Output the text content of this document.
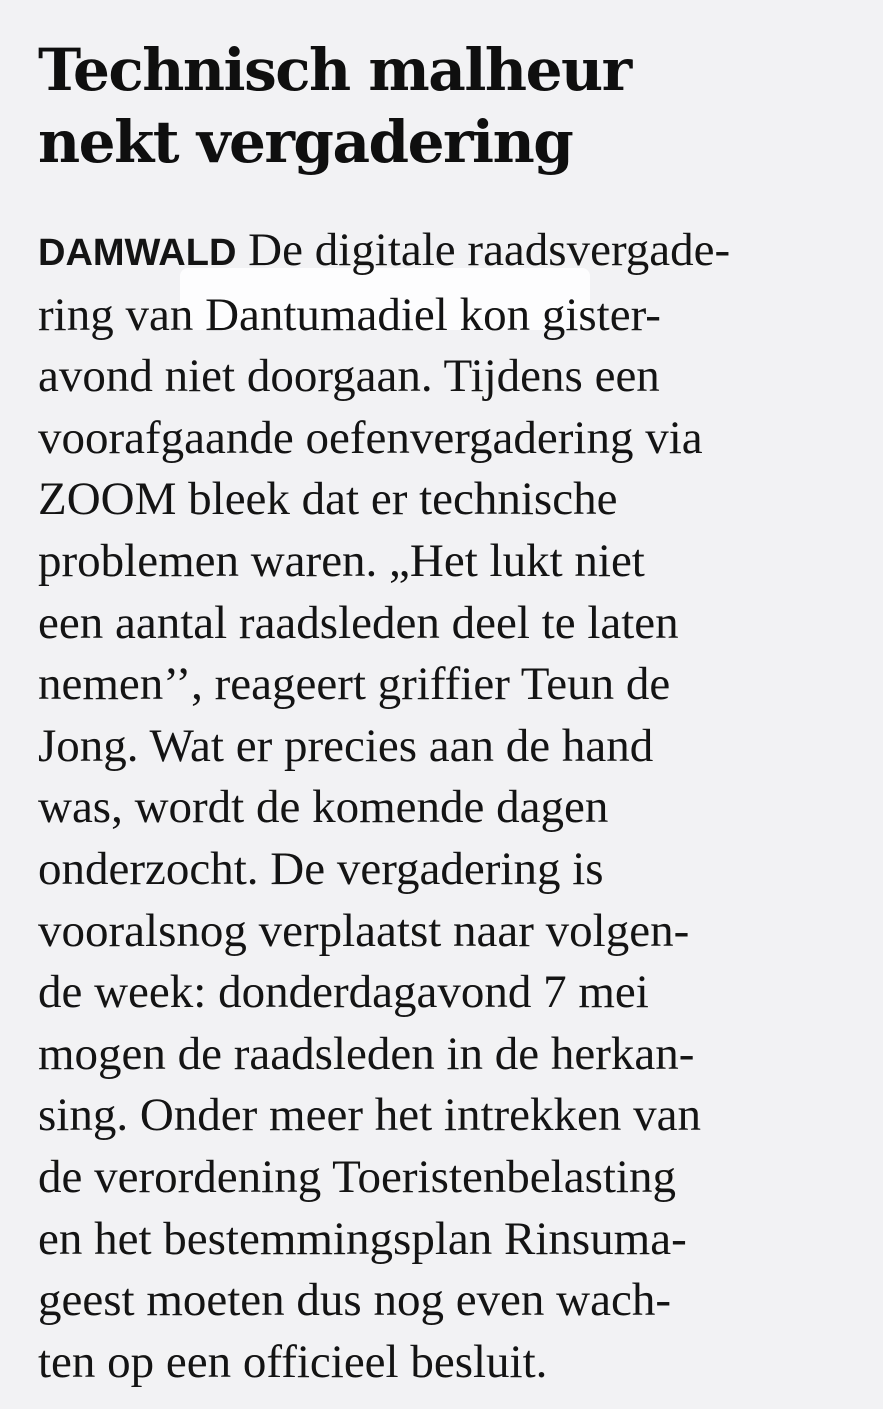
Technisch malheur
nekt vergadering
DAMWALD De digitale raadsvergade-
ring van Dantumadiel kon gister-
avond niet doorgaan. Tijdens een
voorafgaande oefenvergadering via
ZOOM bleek dat er technische
problemen waren. „Het lukt niet
een aantal raadsleden deel te laten
nemen’’, reageert griffier Teun de
Jong. Wat er precies aan de hand
was, wordt de komende dagen
onderzocht. De vergadering is
vooralsnog verplaatst naar volgen-
de week: donderdagavond 7 mei
mogen de raadsleden in de herkan-
sing. Onder meer het intrekken van
de verordening Toeristenbelasting
en het bestemmingsplan Rinsuma-
geest moeten dus nog even wach-
ten op een officieel besluit.
